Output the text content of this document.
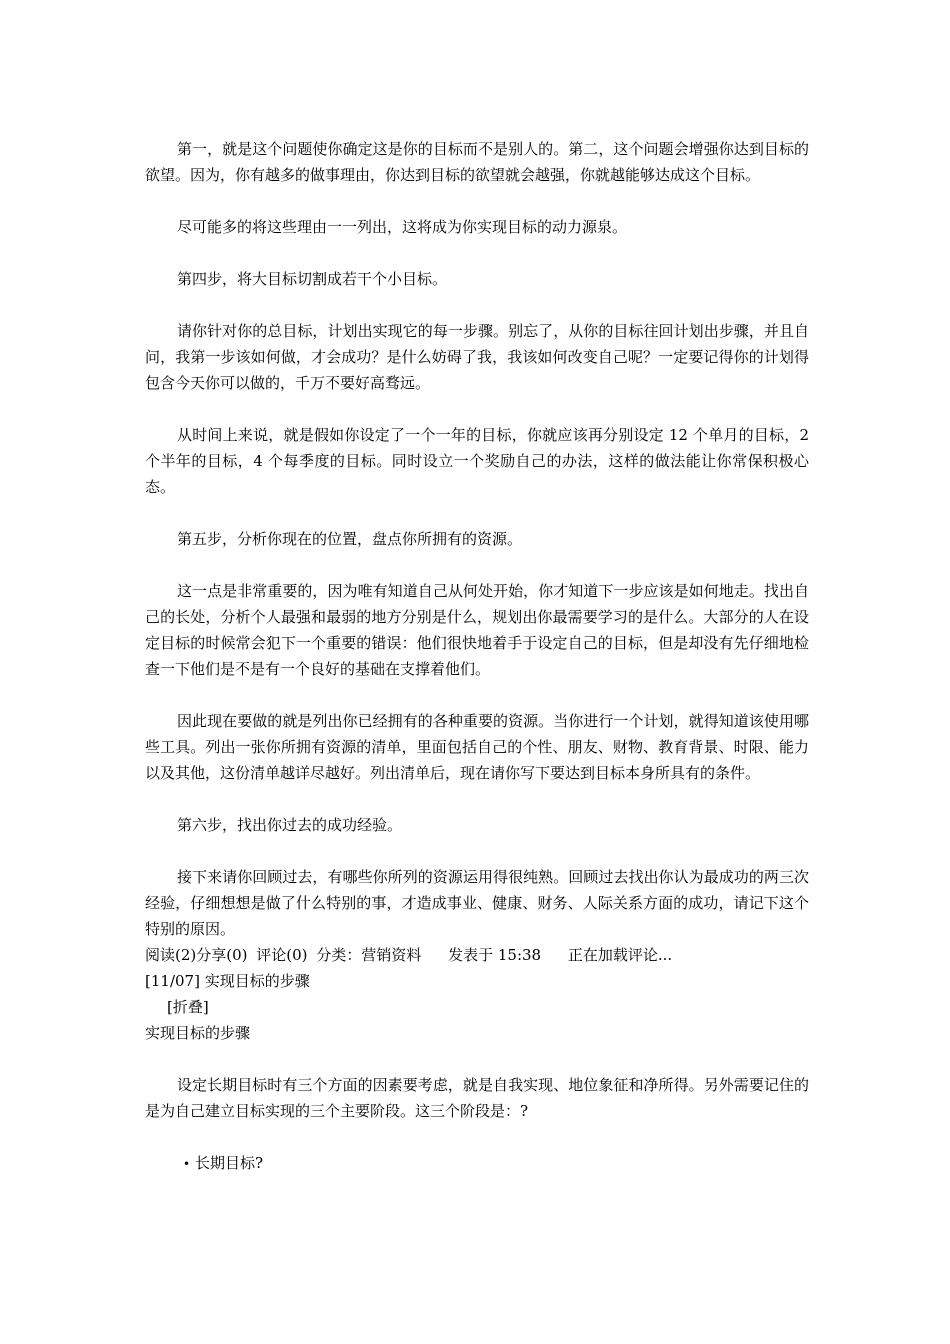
第一，就是这个问题使你确定这是你的目标而不是别人的。第二，这个问题会增强你达到目标的欲望。因为，你有越多的做事理由，你达到目标的欲望就会越强，你就越能够达成这个目标。

尽可能多的将这些理由一一列出，这将成为你实现目标的动力源泉。

第四步，将大目标切割成若干个小目标。

请你针对你的总目标，计划出实现它的每一步骤。别忘了，从你的目标往回计划出步骤，并且自问，我第一步该如何做，才会成功？是什么妨碍了我，我该如何改变自己呢？一定要记得你的计划得包含今天你可以做的，千万不要好高骛远。

从时间上来说，就是假如你设定了一个一年的目标，你就应该再分别设定 12 个单月的目标，2 个半年的目标，4 个每季度的目标。同时设立一个奖励自己的办法，这样的做法能让你常保积极心态。

第五步，分析你现在的位置，盘点你所拥有的资源。

这一点是非常重要的，因为唯有知道自己从何处开始，你才知道下一步应该是如何地走。找出自己的长处，分析个人最强和最弱的地方分别是什么，规划出你最需要学习的是什么。大部分的人在设定目标的时候常会犯下一个重要的错误：他们很快地着手于设定自己的目标，但是却没有先仔细地检查一下他们是不是有一个良好的基础在支撑着他们。

因此现在要做的就是列出你已经拥有的各种重要的资源。当你进行一个计划，就得知道该使用哪些工具。列出一张你所拥有资源的清单，里面包括自己的个性、朋友、财物、教育背景、时限、能力以及其他，这份清单越详尽越好。列出清单后，现在请你写下要达到目标本身所具有的条件。

第六步，找出你过去的成功经验。

接下来请你回顾过去，有哪些你所列的资源运用得很纯熟。回顾过去找出你认为最成功的两三次经验，仔细想想是做了什么特别的事，才造成事业、健康、财务、人际关系方面的成功，请记下这个特别的原因。

阅读(2)分享(0) 评论(0) 分类：营销资料 发表于 15:38 正在加载评论...

[11/07] 实现目标的步骤

[折叠]

实现目标的步骤

设定长期目标时有三个方面的因素要考虑，就是自我实现、地位象征和净所得。另外需要记住的是为自己建立目标实现的三个主要阶段。这三个阶段是：?

• 长期目标?
